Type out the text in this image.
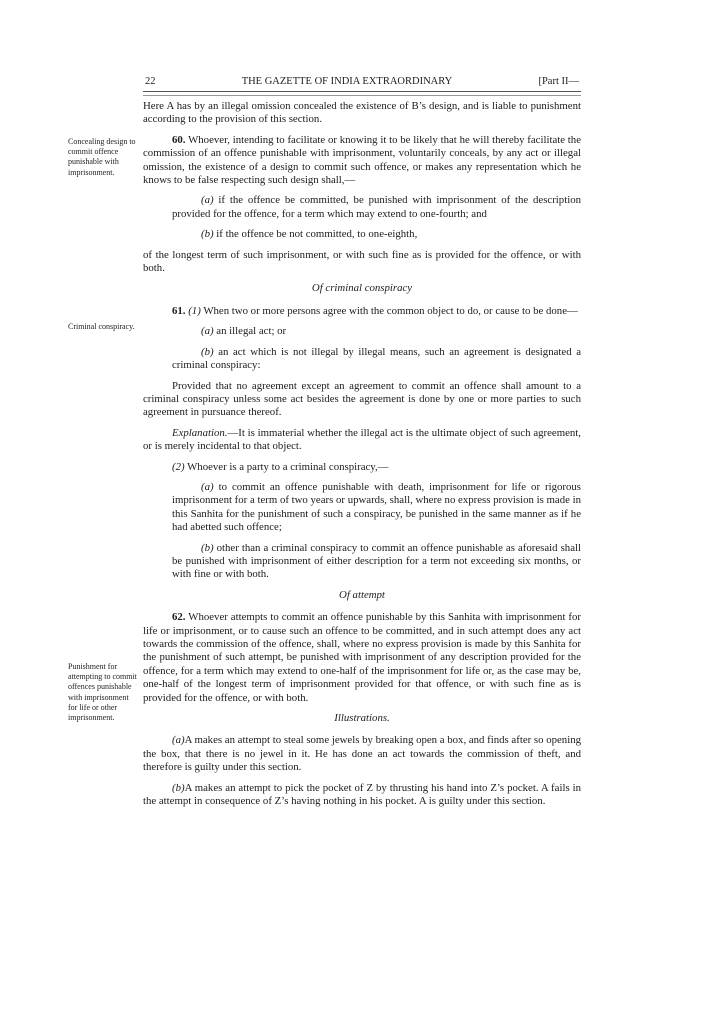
22	THE GAZETTE OF INDIA EXTRAORDINARY	[Part II—
Concealing design to commit offence punishable with imprisonment.
Criminal conspiracy.
Punishment for attempting to commit offences punishable with imprisonment for life or other imprisonment.

Here A has by an illegal omission concealed the existence of B’s design, and is liable to punishment according to the provision of this section.

60. Whoever, intending to facilitate or knowing it to be likely that he will thereby facilitate the commission of an offence punishable with imprisonment, voluntarily conceals, by any act or illegal omission, the existence of a design to commit such offence, or makes any representation which he knows to be false respecting such design shall,—

(a) if the offence be committed, be punished with imprisonment of the description provided for the offence, for a term which may extend to one-fourth; and

(b) if the offence be not committed, to one-eighth,

of the longest term of such imprisonment, or with such fine as is provided for the offence, or with both.

Of criminal conspiracy

61. (1) When two or more persons agree with the common object to do, or cause to be done—

(a) an illegal act; or

(b) an act which is not illegal by illegal means, such an agreement is designated a criminal conspiracy:

Provided that no agreement except an agreement to commit an offence shall amount to a criminal conspiracy unless some act besides the agreement is done by one or more parties to such agreement in pursuance thereof.

Explanation.—It is immaterial whether the illegal act is the ultimate object of such agreement, or is merely incidental to that object.

(2) Whoever is a party to a criminal conspiracy,—

(a) to commit an offence punishable with death, imprisonment for life or rigorous imprisonment for a term of two years or upwards, shall, where no express provision is made in this Sanhita for the punishment of such a conspiracy, be punished in the same manner as if he had abetted such offence;

(b) other than a criminal conspiracy to commit an offence punishable as aforesaid shall be punished with imprisonment of either description for a term not exceeding six months, or with fine or with both.

Of attempt

62. Whoever attempts to commit an offence punishable by this Sanhita with imprisonment for life or imprisonment, or to cause such an offence to be committed, and in such attempt does any act towards the commission of the offence, shall, where no express provision is made by this Sanhita for the punishment of such attempt, be punished with imprisonment of any description provided for the offence, for a term which may extend to one-half of the imprisonment for life or, as the case may be, one-half of the longest term of imprisonment provided for that offence, or with such fine as is provided for the offence, or with both.

Illustrations.

(a)A makes an attempt to steal some jewels by breaking open a box, and finds after so opening the box, that there is no jewel in it. He has done an act towards the commission of theft, and therefore is guilty under this section.

(b)A makes an attempt to pick the pocket of Z by thrusting his hand into Z’s pocket. A fails in the attempt in consequence of Z’s having nothing in his pocket. A is guilty under this section.
